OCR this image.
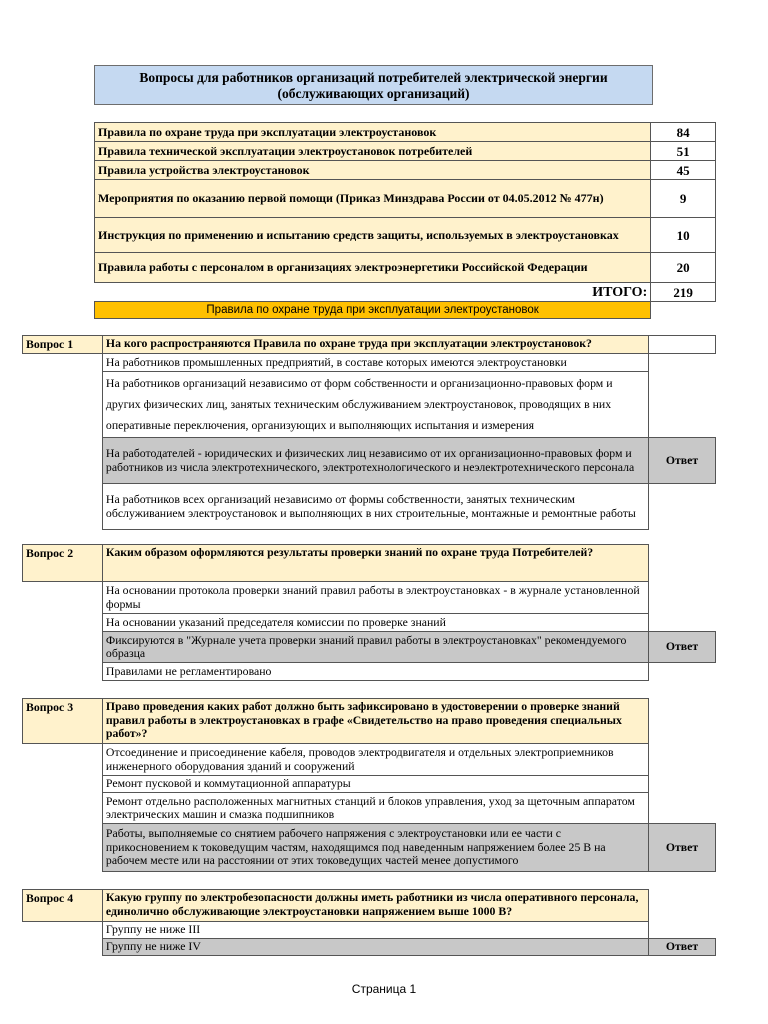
Вопросы для работников организаций потребителей электрической энергии
(обслуживающих организаций)
Правила по охране труда при эксплуатации электроустановок	84
Правила технической эксплуатации электроустановок потребителей	51
Правила устройства электроустановок	45
Мероприятия по оказанию первой помощи (Приказ Минздрава России от 04.05.2012 № 477н)	9
Инструкция по применению и испытанию средств защиты, используемых в электроустановках	10
Правила работы с персоналом в организациях электроэнергетики Российской Федерации	20
ИТОГО:	219
Правила по охране труда при эксплуатации электроустановок	
Вопрос 1	На кого распространяются Правила по охране труда при эксплуатации электроустановок?	
	На работников промышленных предприятий, в составе которых имеются электроустановки	
	На работников организаций независимо от форм собственности и организационно-правовых форм и других физических лиц, занятых техническим обслуживанием электроустановок, проводящих в них оперативные переключения, организующих и выполняющих испытания и измерения	
	На работодателей - юридических и физических лиц независимо от их организационно-правовых форм и работников из числа электротехнического, электротехнологического и неэлектротехнического персонала	Ответ
	На работников всех организаций независимо от формы собственности, занятых техническим обслуживанием электроустановок и выполняющих в них строительные, монтажные и ремонтные работы	
Вопрос 2	Каким образом оформляются результаты проверки знаний по охране труда Потребителей?	
	На основании протокола проверки знаний правил работы в электроустановках - в журнале установленной формы	
	На основании указаний председателя комиссии по проверке знаний	
	Фиксируются в "Журнале учета проверки знаний правил работы в электроустановках" рекомендуемого образца	Ответ
	Правилами не регламентировано	
Вопрос 3	Право проведения каких работ должно быть зафиксировано в удостоверении о проверке знаний правил работы в электроустановках в графе «Свидетельство на право проведения специальных работ»?	
	Отсоединение и присоединение кабеля, проводов электродвигателя и отдельных электроприемников инженерного оборудования зданий и сооружений	
	Ремонт пусковой и коммутационной аппаратуры	
	Ремонт отдельно расположенных магнитных станций и блоков управления, уход за щеточным аппаратом электрических машин и смазка подшипников	
	Работы, выполняемые со снятием рабочего напряжения с электроустановки или ее части с прикосновением к токоведущим частям, находящимся под наведенным напряжением более 25 В на рабочем месте или на расстоянии от этих токоведущих частей менее допустимого	Ответ
Вопрос 4	Какую группу по электробезопасности должны иметь работники из числа оперативного персонала, единолично обслуживающие электроустановки напряжением выше 1000 В?	
	Группу не ниже III	
	Группу не ниже IV	Ответ
Страница 1
